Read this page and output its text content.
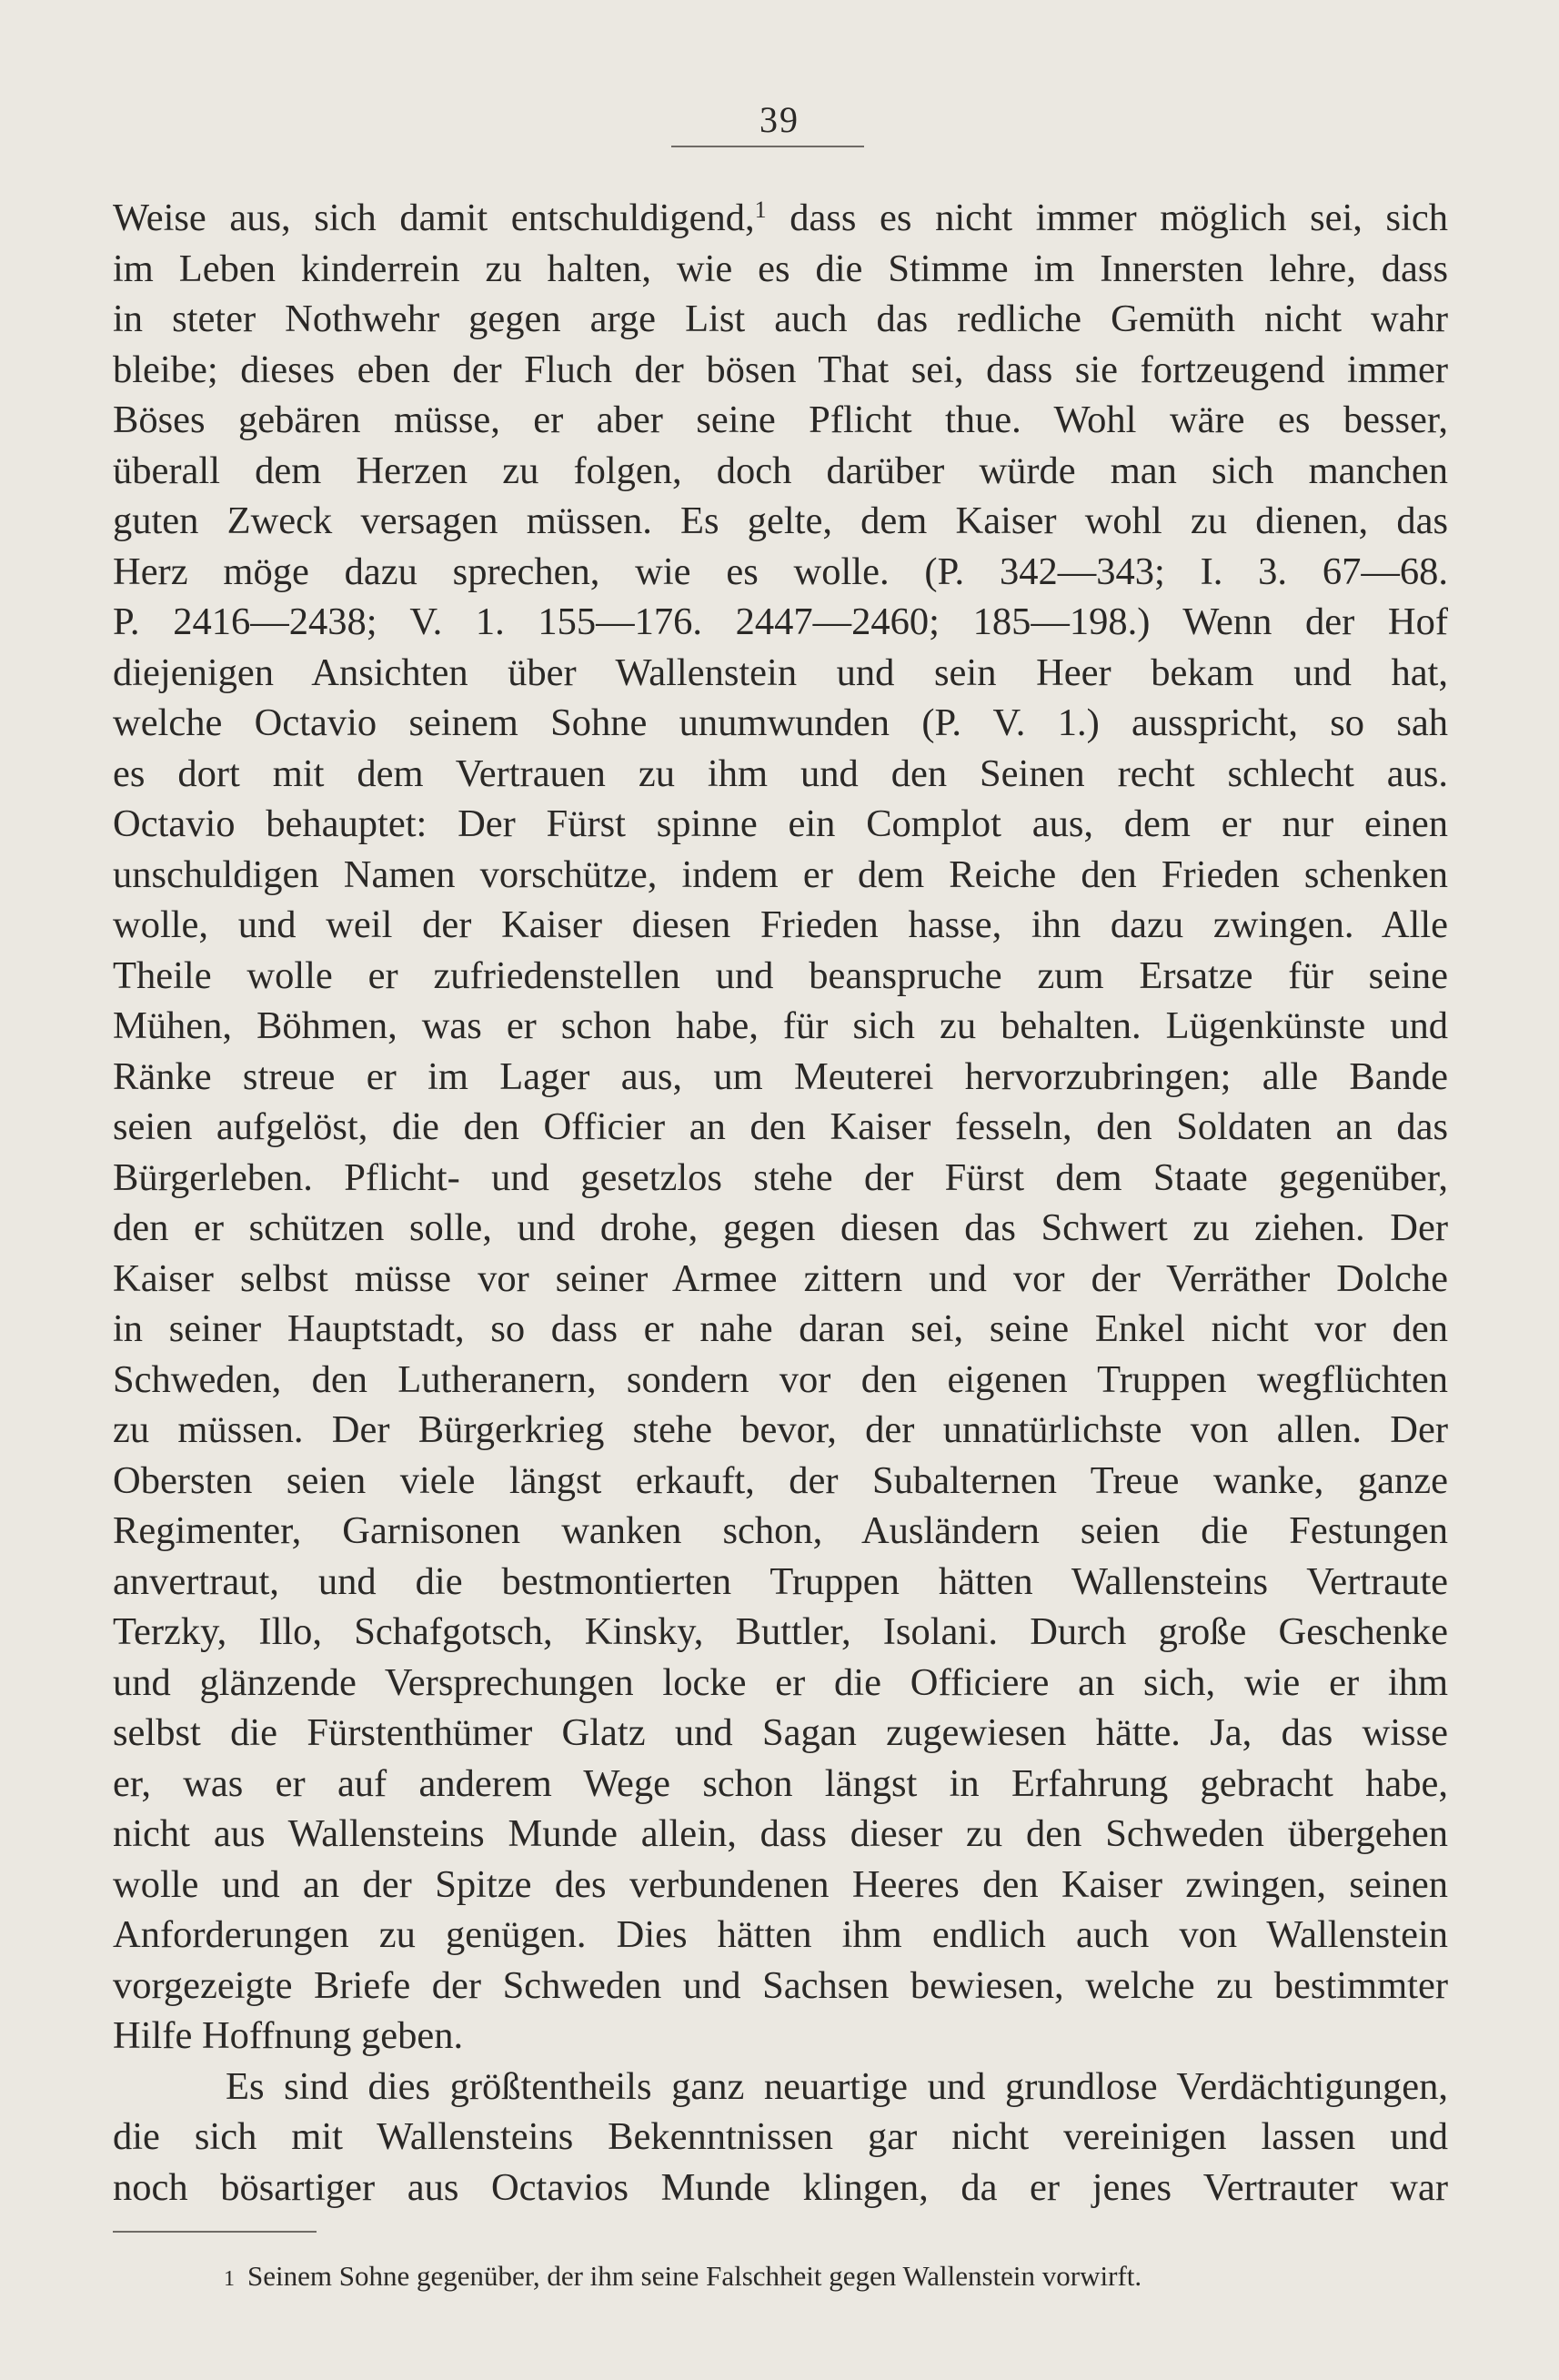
39
Weise aus, sich damit entschuldigend,$^1$ dass es nicht immer möglich sei, sich
im Leben kinderrein zu halten, wie es die Stimme im Innersten lehre, dass
in steter Nothwehr gegen arge List auch das redliche Gemüth nicht wahr
bleibe; dieses eben der Fluch der bösen That sei, dass sie fortzeugend immer
Böses gebären müsse, er aber seine Pflicht thue. Wohl wäre es besser,
überall dem Herzen zu folgen, doch darüber würde man sich manchen
guten Zweck versagen müssen. Es gelte, dem Kaiser wohl zu dienen, das
Herz möge dazu sprechen, wie es wolle. (P. 342—343; I. 3. 67—68.
P. 2416—2438; V. 1. 155—176. 2447—2460; 185—198.) Wenn der Hof
diejenigen Ansichten über Wallenstein und sein Heer bekam und hat,
welche Octavio seinem Sohne unumwunden (P. V. 1.) ausspricht, so sah
es dort mit dem Vertrauen zu ihm und den Seinen recht schlecht aus.
Octavio behauptet: Der Fürst spinne ein Complot aus, dem er nur einen
unschuldigen Namen vorschütze, indem er dem Reiche den Frieden schenken
wolle, und weil der Kaiser diesen Frieden hasse, ihn dazu zwingen. Alle
Theile wolle er zufriedenstellen und beanspruche zum Ersatze für seine
Mühen, Böhmen, was er schon habe, für sich zu behalten. Lügenkünste und
Ränke streue er im Lager aus, um Meuterei hervorzubringen; alle Bande
seien aufgelöst, die den Officier an den Kaiser fesseln, den Soldaten an das
Bürgerleben. Pflicht- und gesetzlos stehe der Fürst dem Staate gegenüber,
den er schützen solle, und drohe, gegen diesen das Schwert zu ziehen. Der
Kaiser selbst müsse vor seiner Armee zittern und vor der Verräther Dolche
in seiner Hauptstadt, so dass er nahe daran sei, seine Enkel nicht vor den
Schweden, den Lutheranern, sondern vor den eigenen Truppen wegflüchten
zu müssen. Der Bürgerkrieg stehe bevor, der unnatürlichste von allen. Der
Obersten seien viele längst erkauft, der Subalternen Treue wanke, ganze
Regimenter, Garnisonen wanken schon, Ausländern seien die Festungen
anvertraut, und die bestmontierten Truppen hätten Wallensteins Vertraute
Terzky, Illo, Schafgotsch, Kinsky, Buttler, Isolani. Durch große Geschenke
und glänzende Versprechungen locke er die Officiere an sich, wie er ihm
selbst die Fürstenthümer Glatz und Sagan zugewiesen hätte. Ja, das wisse
er, was er auf anderem Wege schon längst in Erfahrung gebracht habe,
nicht aus Wallensteins Munde allein, dass dieser zu den Schweden übergehen
wolle und an der Spitze des verbundenen Heeres den Kaiser zwingen, seinen
Anforderungen zu genügen. Dies hätten ihm endlich auch von Wallenstein
vorgezeigte Briefe der Schweden und Sachsen bewiesen, welche zu bestimmter
Hilfe Hoffnung geben.
Es sind dies größtentheils ganz neuartige und grundlose Verdächtigungen,
die sich mit Wallensteins Bekenntnissen gar nicht vereinigen lassen und
noch bösartiger aus Octavios Munde klingen, da er jenes Vertrauter war
1 Seinem Sohne gegenüber, der ihm seine Falschheit gegen Wallenstein vorwirft.
